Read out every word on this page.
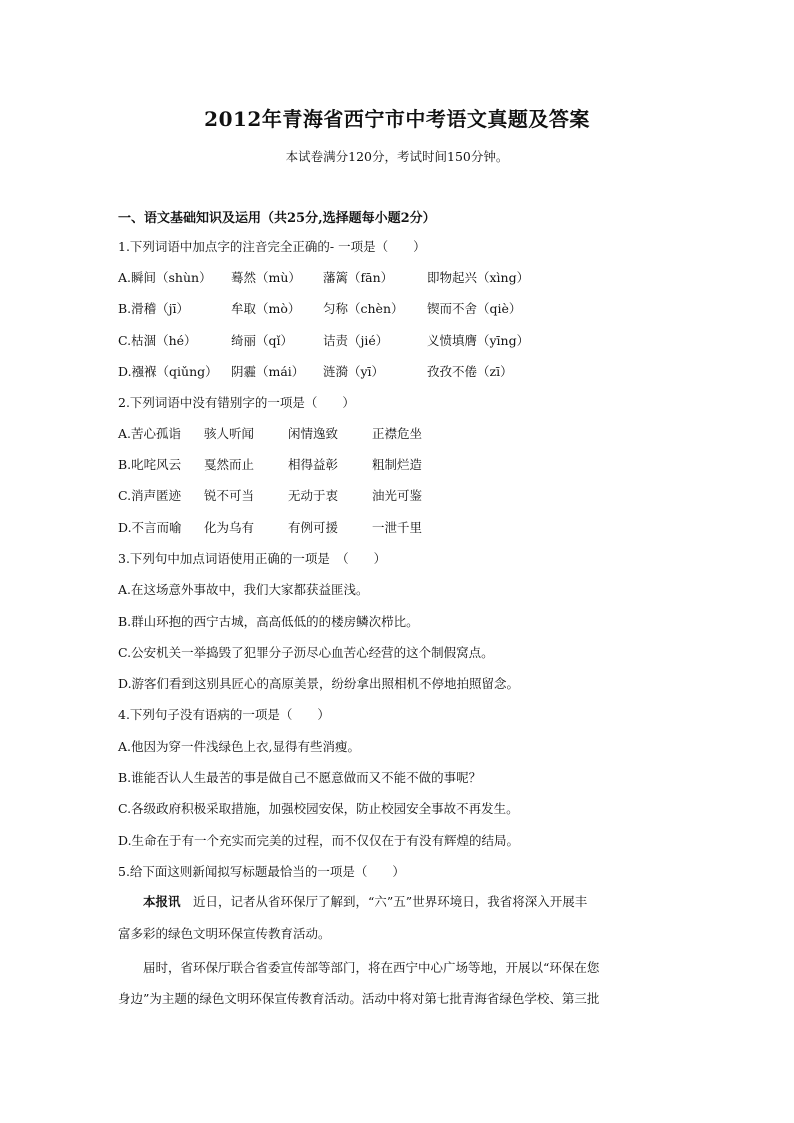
2012年青海省西宁市中考语文真题及答案
本试卷满分120分，考试时间150分钟。
一、语文基础知识及运用（共25分,选择题每小题2分）
1.下列词语中加点字的注音完全正确的- 一项是（　　）
A.瞬间（shùn） 蓦然（mù） 藩篱（fān）	即物起兴（xìng）
B.滑稽（jī）	牟取（mò） 匀称（chèn） 锲而不舍（qiè）
C.枯涸（hé）	绮丽（qǐ） 诘责（jié）	义愤填膺（yīng）
D.襁褓（qiǔng） 阴霾（mái） 涟漪（yī）	孜孜不倦（zī）
2.下列词语中没有错别字的一项是（　　）
A.苦心孤诣 骇人听闻	闲情逸致	正襟危坐
B.叱咤风云 戛然而止	相得益彰	粗制烂造
C.消声匿迹 锐不可当	无动于衷	油光可鉴
D.不言而喻 化为乌有	有例可援	一泄千里
3.下列句中加点词语使用正确的一项是　（　　）
A.在这场意外事故中，我们大家都获益匪浅。
B.群山环抱的西宁古城，高高低低的的楼房鳞次栉比。
C.公安机关一举捣毁了犯罪分子沥尽心血苦心经营的这个制假窝点。
D.游客们看到这别具匠心的高原美景，纷纷拿出照相机不停地拍照留念。
4.下列句子没有语病的一项是（　　）
A.他因为穿一件浅绿色上衣,显得有些消瘦。
B.谁能否认人生最苦的事是做自己不愿意做而又不能不做的事呢？
C.各级政府积极采取措施，加强校园安保，防止校园安全事故不再发生。
D.生命在于有一个充实而完美的过程，而不仅仅在于有没有辉煌的结局。
5.给下面这则新闻拟写标题最恰当的一项是（　　）
本报讯　近日，记者从省环保厅了解到，“六”五”世界环境日，我省将深入开展丰
富多彩的绿色文明环保宣传教育活动。
届时，省环保厅联合省委宣传部等部门，将在西宁中心广场等地，开展以“环保在您
身边”为主题的绿色文明环保宣传教育活动。活动中将对第七批青海省绿色学校、第三批
